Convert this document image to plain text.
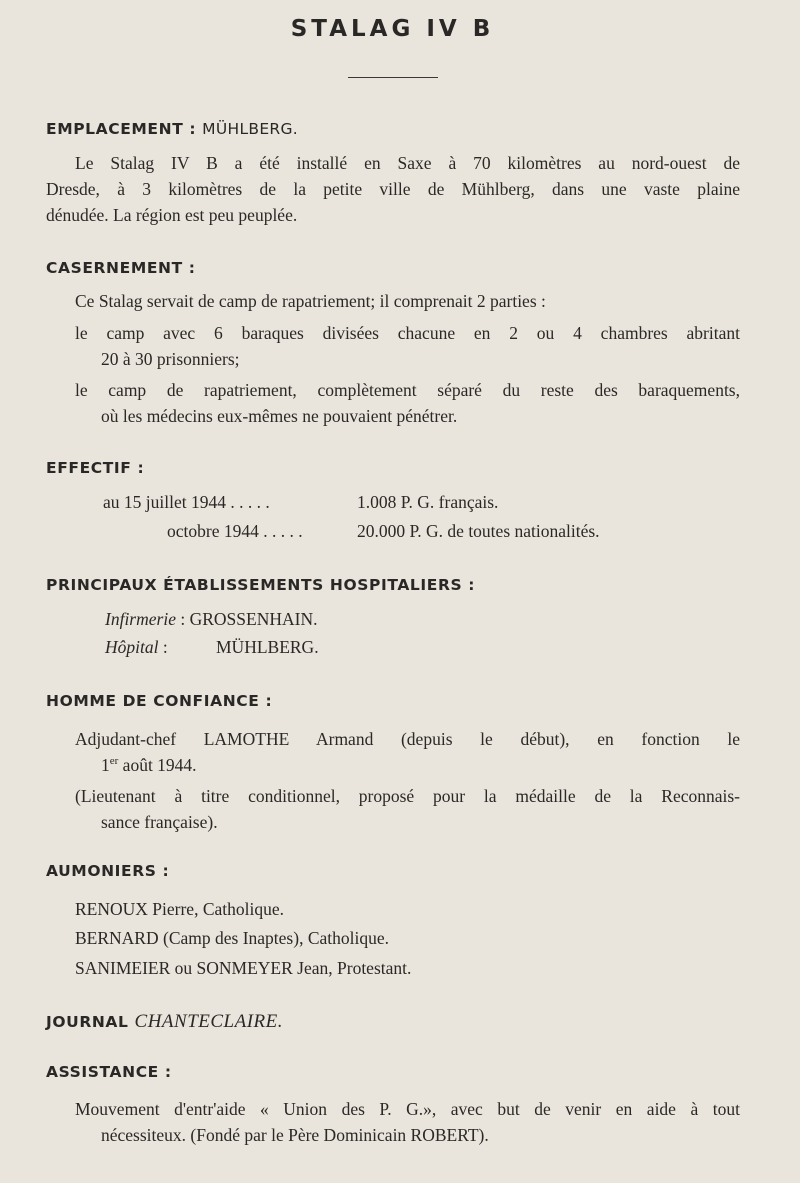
STALAG IV B
EMPLACEMENT : MÜHLBERG.
Le Stalag IV B a été installé en Saxe à 70 kilomètres au nord-ouest de
Dresde, à 3 kilomètres de la petite ville de Mühlberg, dans une vaste plaine
dénudée. La région est peu peuplée.
CASERNEMENT :
Ce Stalag servait de camp de rapatriement; il comprenait 2 parties :
le camp avec 6 baraques divisées chacune en 2 ou 4 chambres abritant
20 à 30 prisonniers;
le camp de rapatriement, complètement séparé du reste des baraquements,
où les médecins eux-mêmes ne pouvaient pénétrer.
EFFECTIF :
au 15 juillet 1944 . . . . .	1.008 P. G. français.
octobre 1944 . . . . .	20.000 P. G. de toutes nationalités.
PRINCIPAUX ÉTABLISSEMENTS HOSPITALIERS :
Infirmerie : GROSSENHAIN.
Hôpital :	MÜHLBERG.
HOMME DE CONFIANCE :
Adjudant-chef LAMOTHE Armand (depuis le début), en fonction le
1er août 1944.
(Lieutenant à titre conditionnel, proposé pour la médaille de la Reconnais-
sance française).
AUMONIERS :
RENOUX Pierre, Catholique.
BERNARD (Camp des Inaptes), Catholique.
SANIMEIER ou SONMEYER Jean, Protestant.
JOURNAL CHANTECLAIRE.
ASSISTANCE :
Mouvement d'entr'aide « Union des P. G.», avec but de venir en aide à tout
nécessiteux. (Fondé par le Père Dominicain ROBERT).
